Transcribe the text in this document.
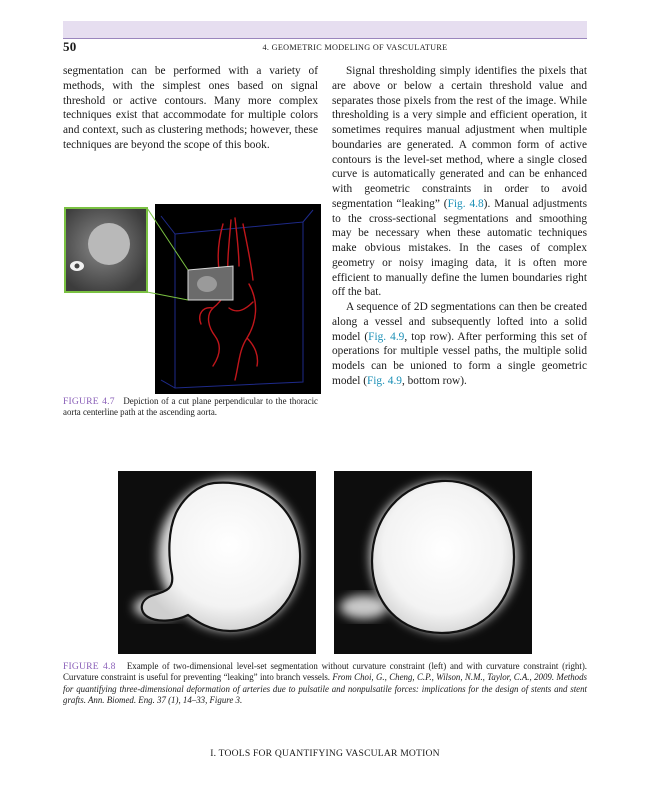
50	4. GEOMETRIC MODELING OF VASCULATURE

segmentation can be performed with a variety of methods, with the simplest ones based on signal threshold or active contours. Many more complex techniques exist that accommodate for multiple colors and context, such as clustering methods; however, these techniques are beyond the scope of this book.

Signal thresholding simply identifies the pixels that are above or below a certain threshold value and separates those pixels from the rest of the image. While thresholding is a very simple and efficient operation, it sometimes requires manual adjustment when multiple boundaries are generated. A common form of active contours is the level-set method, where a single closed curve is automatically generated and can be enhanced with geometric constraints in order to avoid segmentation “leaking” (Fig. 4.8). Manual adjustments to the cross-sectional segmentations and smoothing may be necessary when these automatic techniques make obvious mistakes. In the cases of complex geometry or noisy imaging data, it is often more efficient to manually define the lumen boundaries right off the bat.

A sequence of 2D segmentations can then be created along a vessel and subsequently lofted into a solid model (Fig. 4.9, top row). After performing this set of operations for multiple vessel paths, the multiple solid models can be unioned to form a single geometric model (Fig. 4.9, bottom row).

FIGURE 4.7 Depiction of a cut plane perpendicular to the thoracic aorta centerline path at the ascending aorta.
FIGURE 4.8 Example of two-dimensional level-set segmentation without curvature constraint (left) and with curvature constraint (right). Curvature constraint is useful for preventing “leaking” into branch vessels. From Choi, G., Cheng, C.P., Wilson, N.M., Taylor, C.A., 2009. Methods for quantifying three-dimensional deformation of arteries due to pulsatile and nonpulsatile forces: implications for the design of stents and stent grafts. Ann. Biomed. Eng. 37 (1), 14–33, Figure 3.
I. TOOLS FOR QUANTIFYING VASCULAR MOTION
